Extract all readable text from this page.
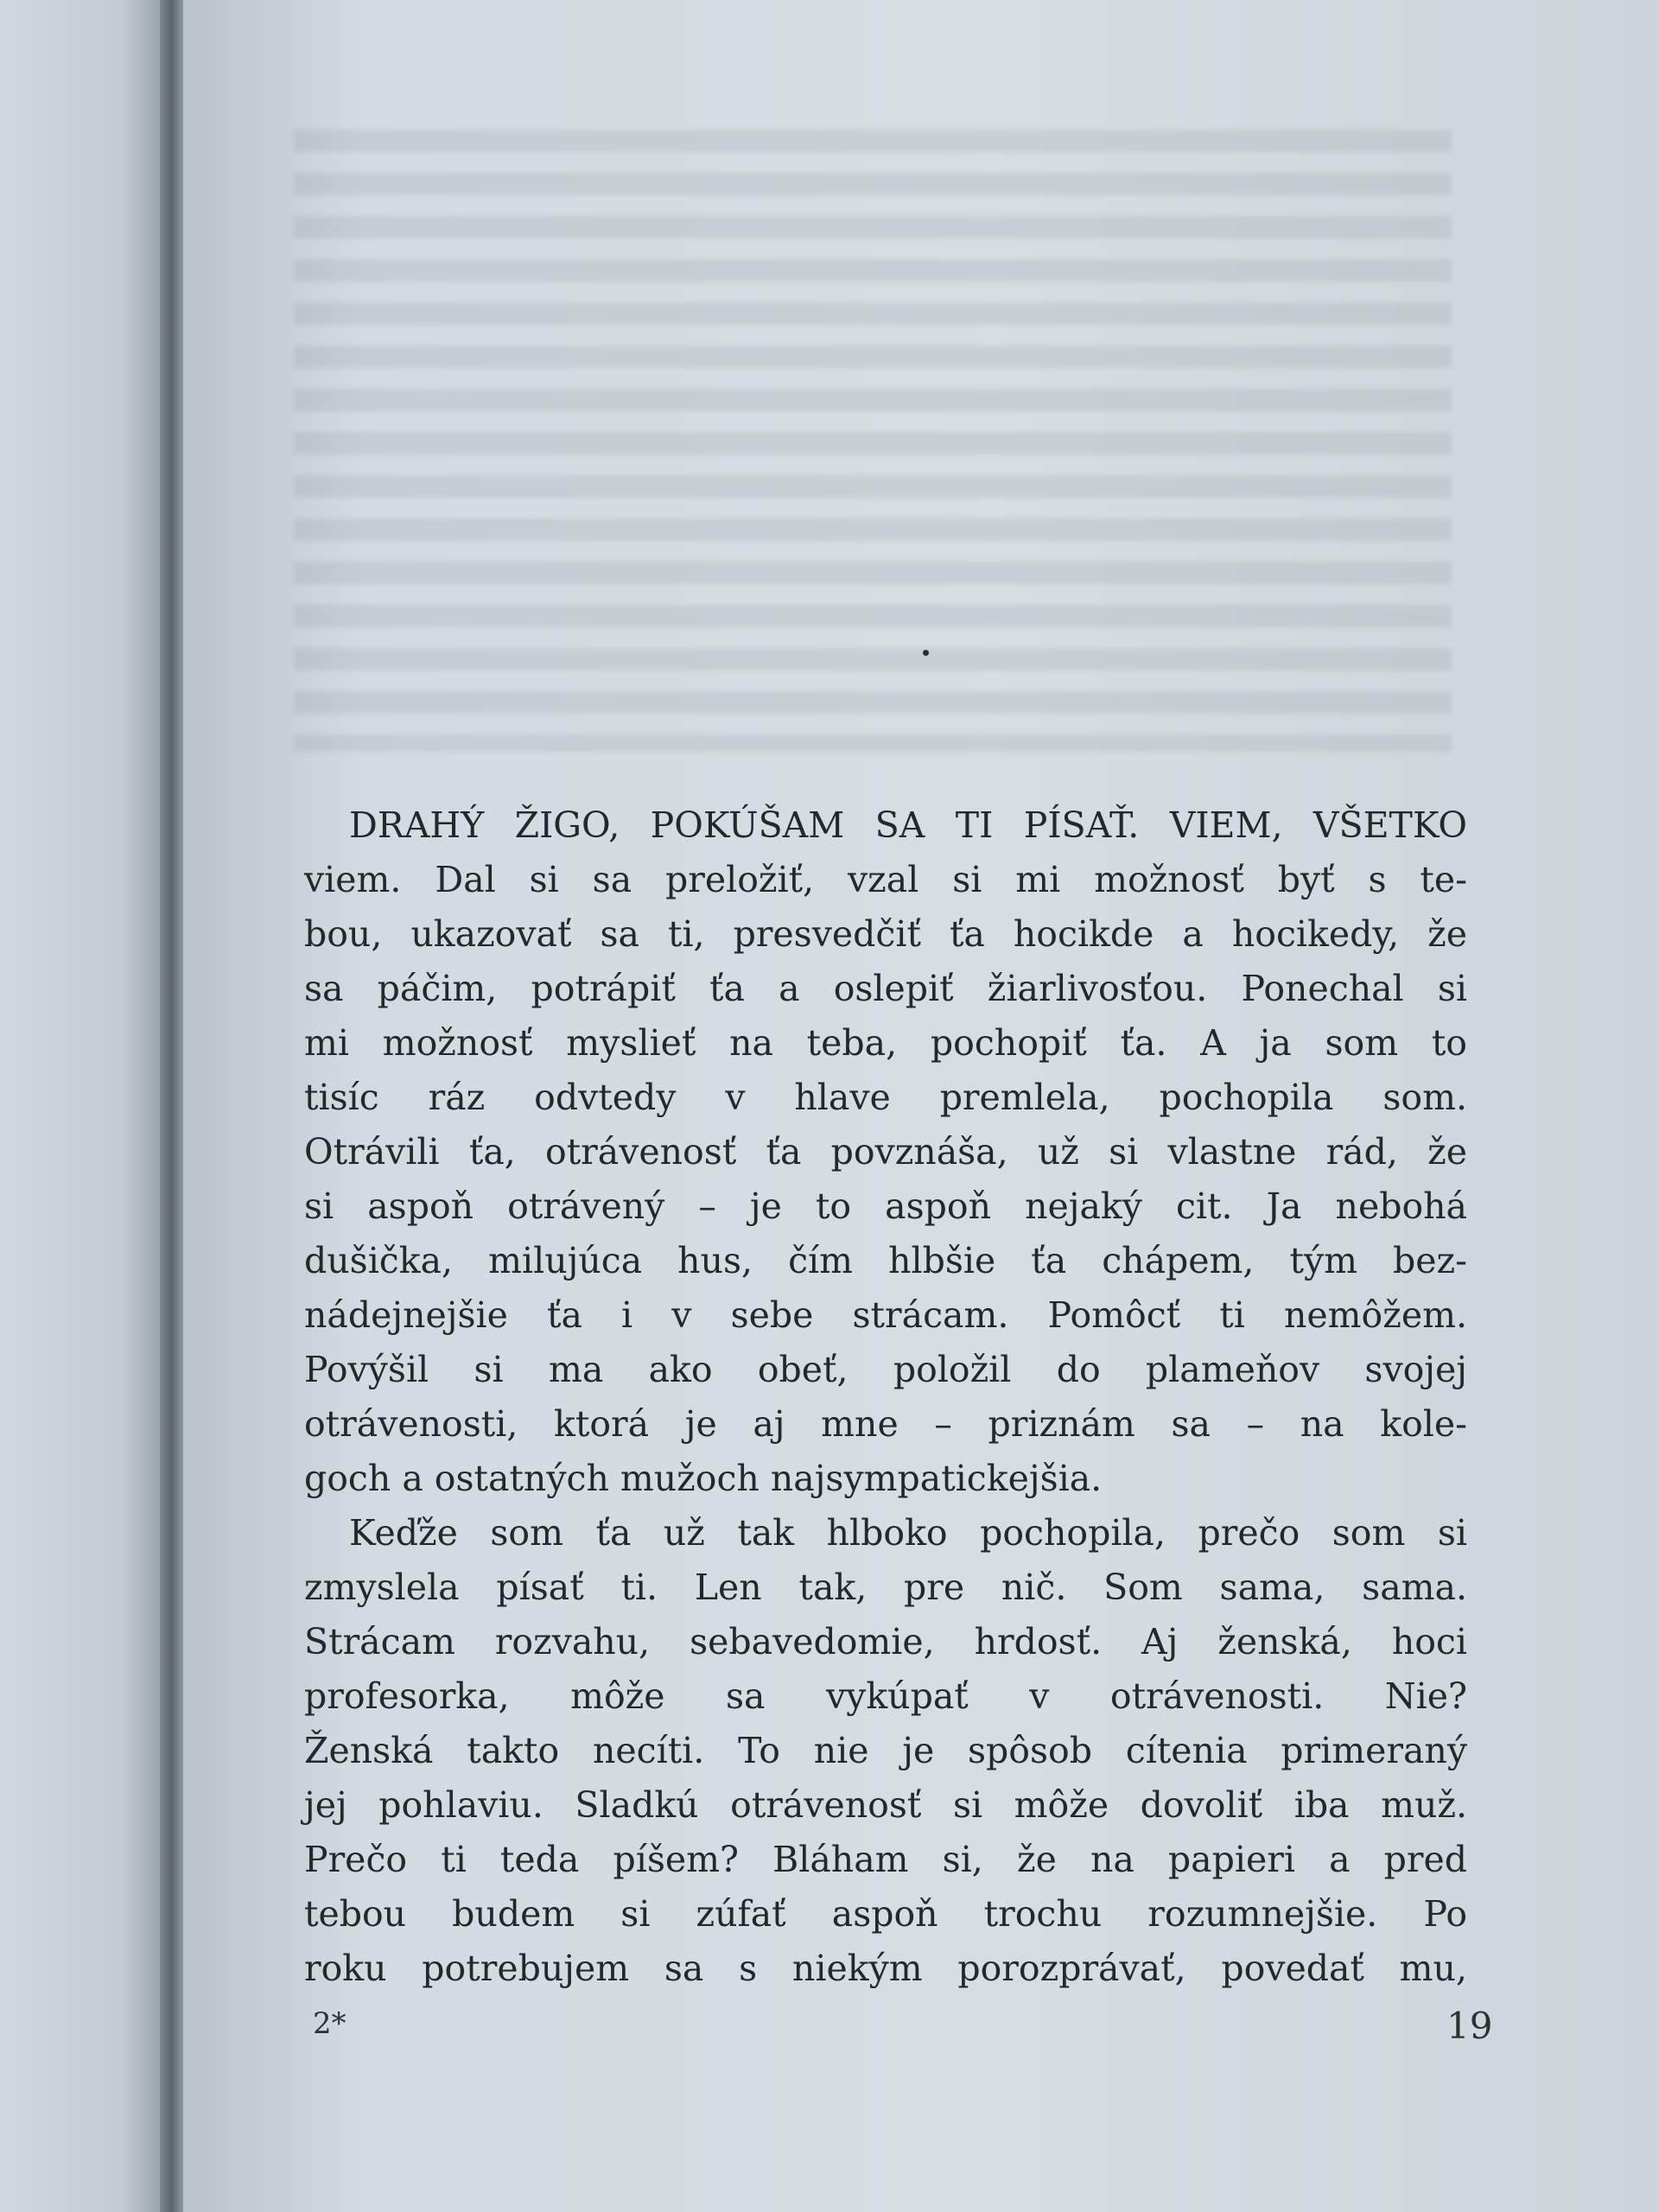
DRAHÝ ŽIGO, POKÚŠAM SA TI PÍSAŤ. VIEM, VŠETKO
viem. Dal si sa preložiť, vzal si mi možnosť byť s te-
bou, ukazovať sa ti, presvedčiť ťa hocikde a hocikedy, že
sa páčim, potrápiť ťa a oslepiť žiarlivosťou. Ponechal si
mi možnosť myslieť na teba, pochopiť ťa. A ja som to
tisíc ráz odvtedy v hlave premlela, pochopila som.
Otrávili ťa, otrávenosť ťa povznáša, už si vlastne rád, že
si aspoň otrávený – je to aspoň nejaký cit. Ja nebohá
dušička, milujúca hus, čím hlbšie ťa chápem, tým bez-
nádejnejšie ťa i v sebe strácam. Pomôcť ti nemôžem.
Povýšil si ma ako obeť, položil do plameňov svojej
otrávenosti, ktorá je aj mne – priznám sa – na kole-
goch a ostatných mužoch najsympatickejšia.
Keďže som ťa už tak hlboko pochopila, prečo som si
zmyslela písať ti. Len tak, pre nič. Som sama, sama.
Strácam rozvahu, sebavedomie, hrdosť. Aj ženská, hoci
profesorka, môže sa vykúpať v otrávenosti. Nie?
Ženská takto necíti. To nie je spôsob cítenia primeraný
jej pohlaviu. Sladkú otrávenosť si môže dovoliť iba muž.
Prečo ti teda píšem? Bláham si, že na papieri a pred
tebou budem si zúfať aspoň trochu rozumnejšie. Po
roku potrebujem sa s niekým porozprávať, povedať mu,
2*	19
